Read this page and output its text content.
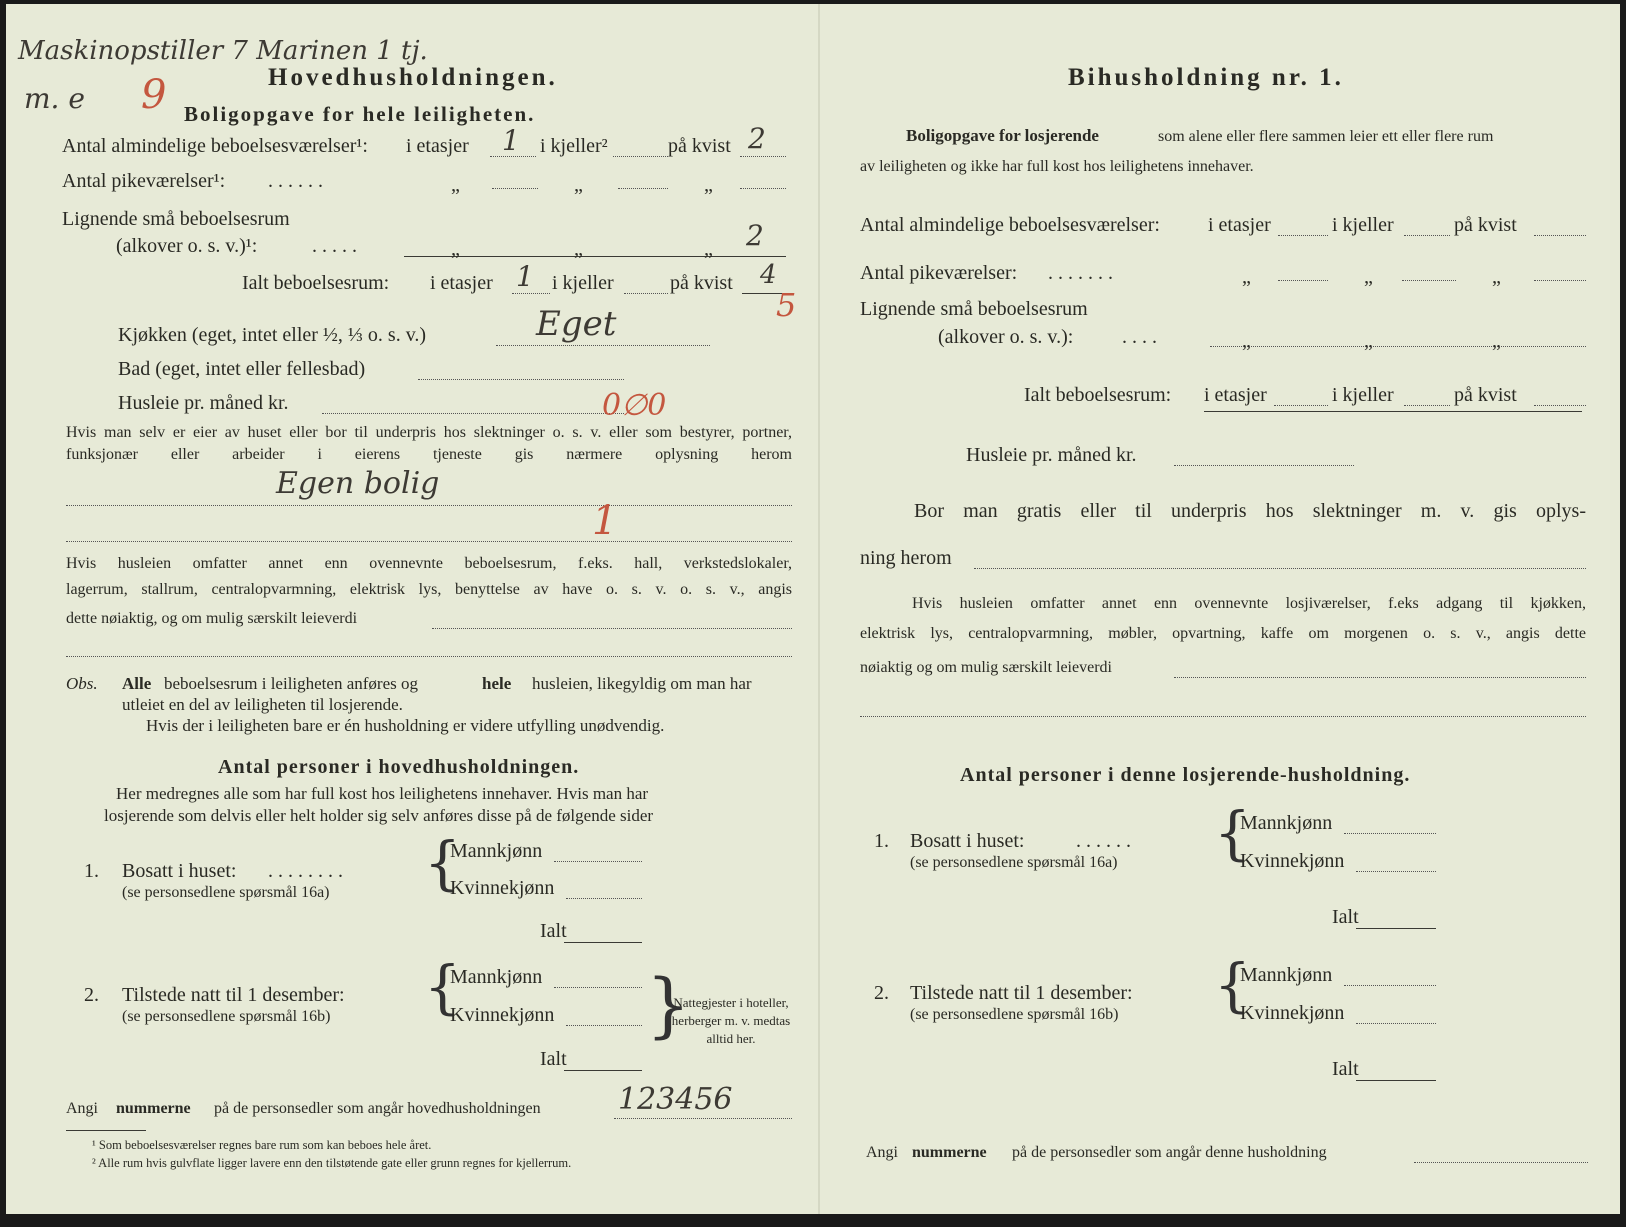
Maskinopstiller 7 Marinen 1 tj.
m. e 9	Hovedhusholdningen.
Boligopgave for hele leiligheten.
Antal almindelige beboelsesværelser¹: i etasjer 1 i kjeller²	på kvist 2
Antal pikeværelser¹: . . . . . .	„	„	„
Lignende små beboelsesrum
(alkover o. s. v.)¹:	. . . . .	„	„	„ 2
Ialt beboelsesrum: i etasjer 1 i kjeller	på kvist 4
5
Kjøkken (eget, intet eller ½, ⅓ o. s. v.)	Eget
Bad (eget, intet eller fellesbad)
Husleie pr. måned kr.	0∅0
Hvis man selv er eier av huset eller bor til underpris hos slektninger o. s. v. eller som bestyrer, portner, funksjonær eller arbeider i eierens tjeneste gis nærmere oplysning herom
Egen bolig
1
Hvis husleien omfatter annet enn ovennevnte beboelsesrum, f.eks. hall, verkstedslokaler,
lagerrum, stallrum, centralopvarmning, elektrisk lys, benyttelse av have o. s. v. o. s. v., angis
dette nøiaktig, og om mulig særskilt leieverdi
Obs. Alle beboelsesrum i leiligheten anføres og	hele husleien, likegyldig om man har
utleiet en del av leiligheten til losjerende.
Hvis der i leiligheten bare er én husholdning er videre utfylling unødvendig.
Antal personer i hovedhusholdningen.
Her medregnes alle som har full kost hos leilighetens innehaver. Hvis man har
losjerende som delvis eller helt holder sig selv anføres disse på de følgende sider
1. Bosatt i huset: . . . . . . . .
(se personsedlene spørsmål 16a) {
Mannkjønn
Kvinnekjønn
Ialt
2. Tilstede natt til 1 desember:
(se personsedlene spørsmål 16b) {
Mannkjønn
Kvinnekjønn
Ialt
}
Nattegjester i hoteller, herberger m. v. medtas alltid her.
Angi nummerne på de personsedler som angår hovedhusholdningen	123456
¹ Som beboelsesværelser regnes bare rum som kan beboes hele året.
² Alle rum hvis gulvflate ligger lavere enn den tilstøtende gate eller grunn regnes for kjellerrum.
Bihusholdning nr. 1.
Boligopgave for losjerende	som alene eller flere sammen leier ett eller flere rum
av leiligheten og ikke har full kost hos leilighetens innehaver.
Antal almindelige beboelsesværelser: i etasjer	i kjeller	på kvist
Antal pikeværelser: . . . . . . .	„	„	„
Lignende små beboelsesrum
(alkover o. s. v.): . . . .	„	„	„
Ialt beboelsesrum: i etasjer	i kjeller	på kvist
Husleie pr. måned kr.
Bor man gratis eller til underpris hos slektninger m. v. gis oplys-
ning herom
Hvis husleien omfatter annet enn ovennevnte losjiværelser, f.eks adgang til kjøkken,
elektrisk lys, centralopvarmning, møbler, opvartning, kaffe om morgenen o. s. v., angis dette
nøiaktig og om mulig særskilt leieverdi
Antal personer i denne losjerende-husholdning.
1. Bosatt i huset:	. . . . . .
(se personsedlene spørsmål 16a) {
Mannkjønn
Kvinnekjønn
Ialt
2. Tilstede natt til 1 desember:
(se personsedlene spørsmål 16b) {
Mannkjønn
Kvinnekjønn
Ialt
Angi nummerne på de personsedler som angår denne husholdning
